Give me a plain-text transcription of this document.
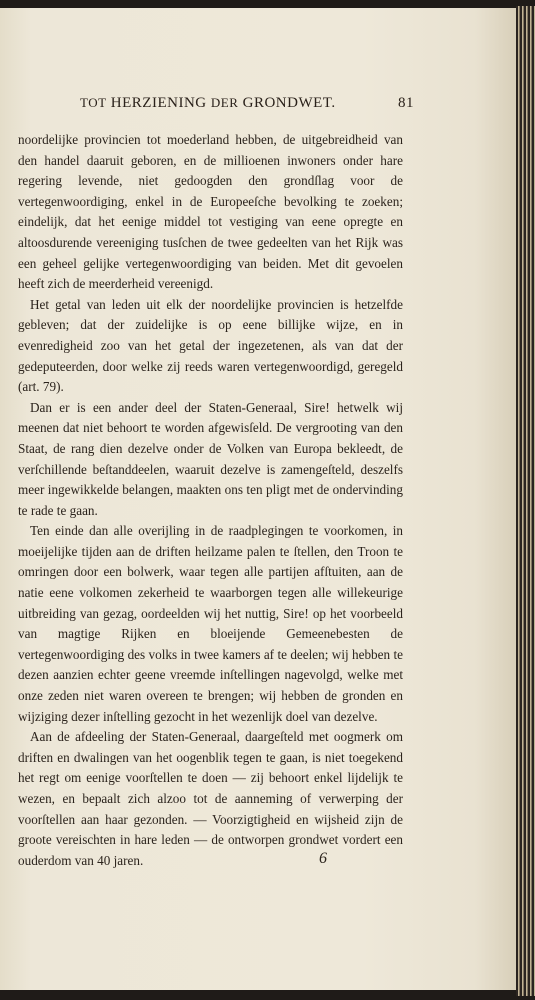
TOT HERZIENING DER GRONDWET.	81

noordelijke provincien tot moederland hebben, de uitgebreidheid van den handel daaruit geboren, en de millioenen inwoners onder hare regering levende, niet gedoogden den grondſlag voor de vertegenwoordiging, enkel in de Europeeſche bevolking te zoeken; eindelijk, dat het eenige middel tot vestiging van eene opregte en altoosdurende vereeniging tusſchen de twee gedeelten van het Rijk was een geheel gelijke vertegenwoordiging van beiden. Met dit gevoelen heeft zich de meerderheid vereenigd.

Het getal van leden uit elk der noordelijke provincien is hetzelfde gebleven; dat der zuidelijke is op eene billijke wijze, en in evenredigheid zoo van het getal der ingezetenen, als van dat der gedeputeerden, door welke zij reeds waren vertegenwoordigd, geregeld (art. 79).

Dan er is een ander deel der Staten-Generaal, Sire! hetwelk wij meenen dat niet behoort te worden afgewisſeld. De vergrooting van den Staat, de rang dien dezelve onder de Volken van Europa bekleedt, de verſchillende beſtanddeelen, waaruit dezelve is zamengeſteld, deszelfs meer ingewikkelde belangen, maakten ons ten pligt met de ondervinding te rade te gaan.

Ten einde dan alle overijling in de raadplegingen te voorkomen, in moeijelijke tijden aan de driften heilzame palen te ſtellen, den Troon te omringen door een bolwerk, waar tegen alle partijen afſtuiten, aan de natie eene volkomen zekerheid te waarborgen tegen alle willekeurige uitbreiding van gezag, oordeelden wij het nuttig, Sire! op het voorbeeld van magtige Rijken en bloeijende Gemeenebesten de vertegenwoordiging des volks in twee kamers af te deelen; wij hebben te dezen aanzien echter geene vreemde inſtellingen nagevolgd, welke met onze zeden niet waren overeen te brengen; wij hebben de gronden en wijziging dezer inſtelling gezocht in het wezenlijk doel van dezelve.

Aan de afdeeling der Staten-Generaal, daargeſteld met oogmerk om driften en dwalingen van het oogenblik tegen te gaan, is niet toegekend het regt om eenige voorſtellen te doen — zij behoort enkel lijdelijk te wezen, en bepaalt zich alzoo tot de aanneming of verwerping der voorſtellen aan haar gezonden. — Voorzigtigheid en wijsheid zijn de groote vereischten in hare leden — de ontworpen grondwet vordert een ouderdom van 40 jaren.	6
